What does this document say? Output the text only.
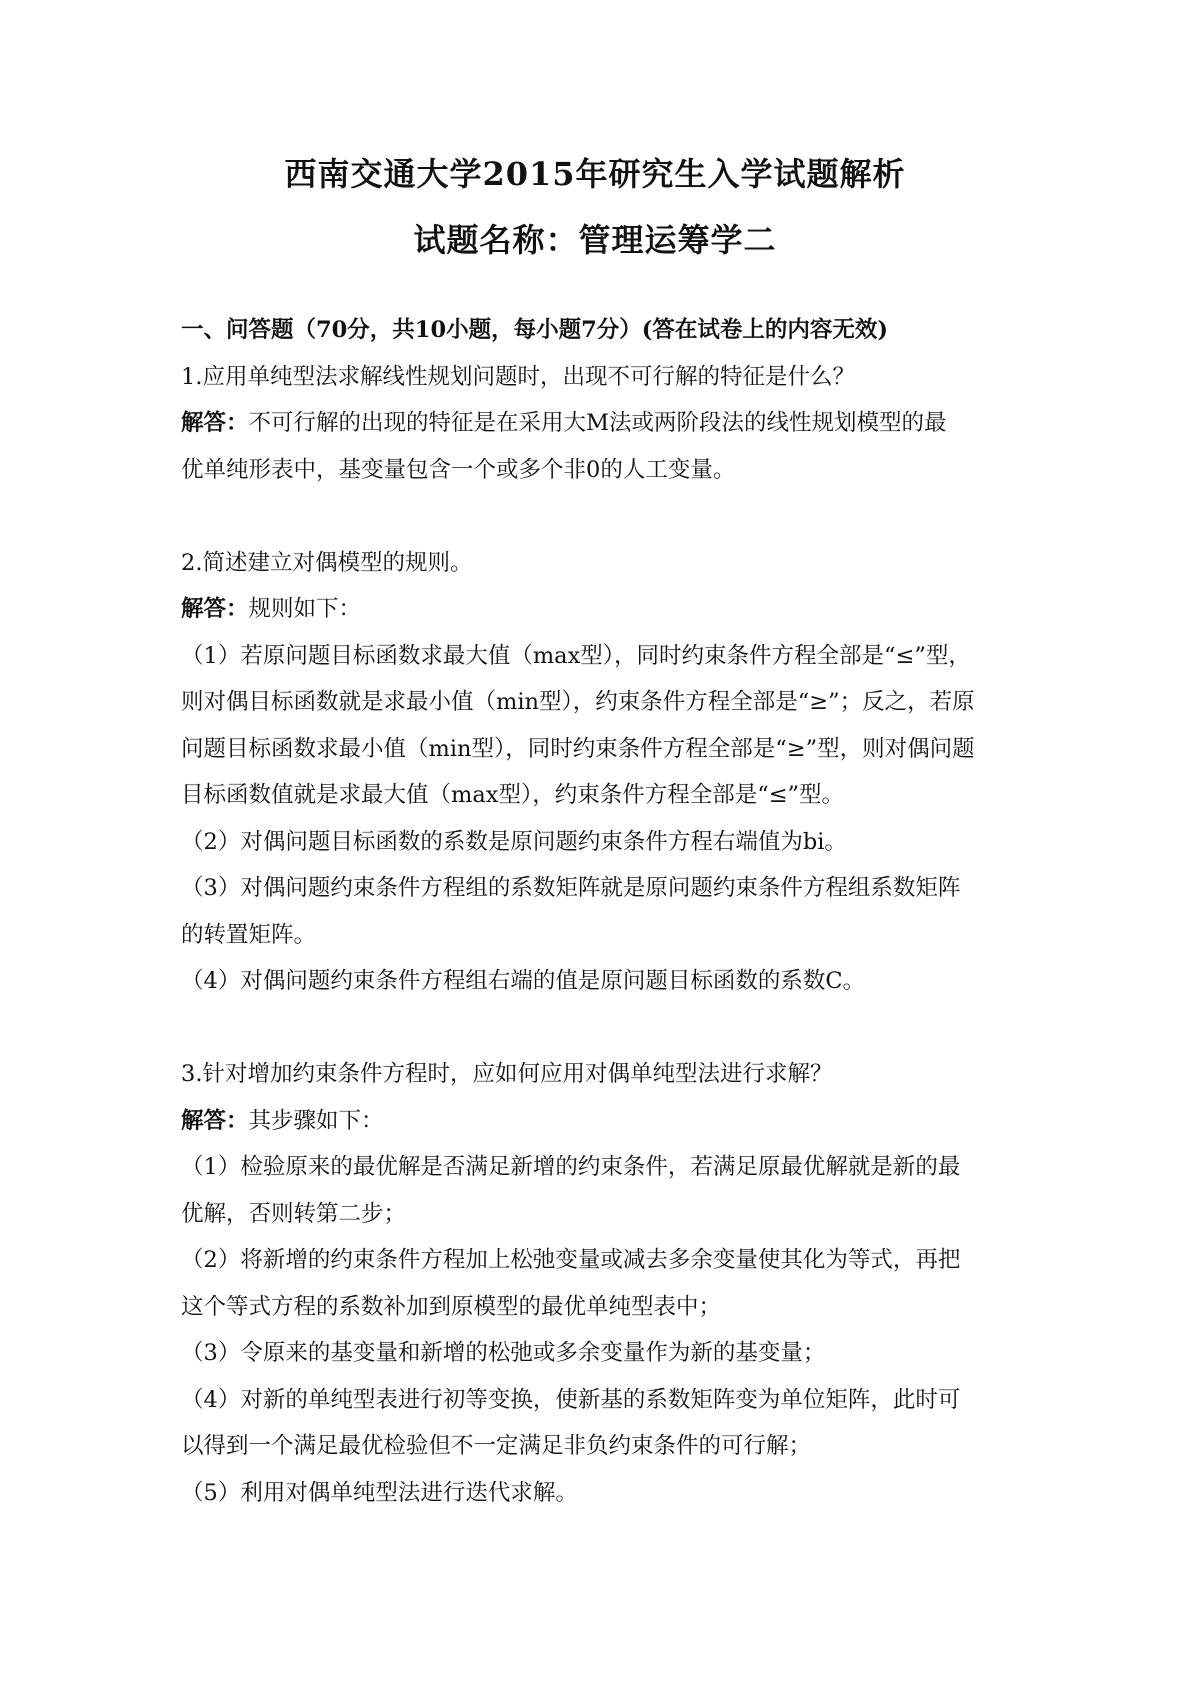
西南交通大学2015年研究生入学试题解析
试题名称：管理运筹学二
一、问答题（70分，共10小题，每小题7分）(答在试卷上的内容无效)
1.应用单纯型法求解线性规划问题时，出现不可行解的特征是什么？
解答：不可行解的出现的特征是在采用大M法或两阶段法的线性规划模型的最
优单纯形表中，基变量包含一个或多个非0的人工变量。
2.简述建立对偶模型的规则。
解答：规则如下：
（1）若原问题目标函数求最大值（max型），同时约束条件方程全部是“≤”型，
则对偶目标函数就是求最小值（min型），约束条件方程全部是“≥”；反之，若原
问题目标函数求最小值（min型），同时约束条件方程全部是“≥”型，则对偶问题
目标函数值就是求最大值（max型），约束条件方程全部是“≤”型。
（2）对偶问题目标函数的系数是原问题约束条件方程右端值为bi。
（3）对偶问题约束条件方程组的系数矩阵就是原问题约束条件方程组系数矩阵
的转置矩阵。
（4）对偶问题约束条件方程组右端的值是原问题目标函数的系数C。
3.针对增加约束条件方程时，应如何应用对偶单纯型法进行求解？
解答：其步骤如下：
（1）检验原来的最优解是否满足新增的约束条件，若满足原最优解就是新的最
优解，否则转第二步；
（2）将新增的约束条件方程加上松弛变量或减去多余变量使其化为等式，再把
这个等式方程的系数补加到原模型的最优单纯型表中；
（3）令原来的基变量和新增的松弛或多余变量作为新的基变量；
（4）对新的单纯型表进行初等变换，使新基的系数矩阵变为单位矩阵，此时可
以得到一个满足最优检验但不一定满足非负约束条件的可行解；
（5）利用对偶单纯型法进行迭代求解。
